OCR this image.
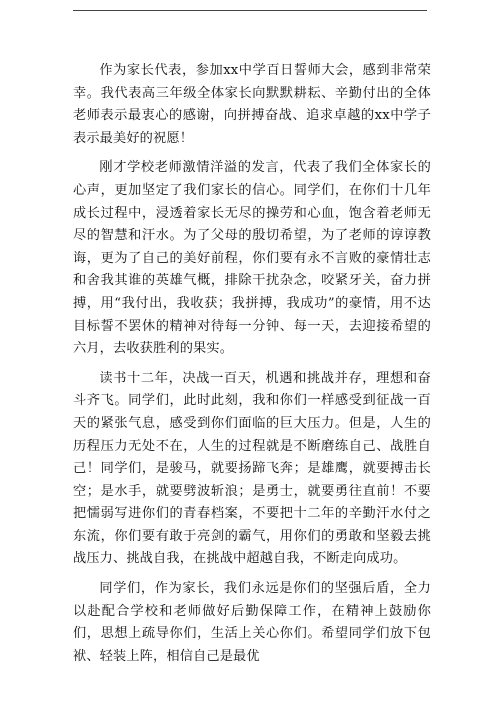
作为家长代表，参加xx中学百日誓师大会，感到非常荣幸。我代表高三年级全体家长向默默耕耘、辛勤付出的全体老师表示最衷心的感谢，向拼搏奋战、追求卓越的xx中学子表示最美好的祝愿！

刚才学校老师激情洋溢的发言，代表了我们全体家长的心声，更加坚定了我们家长的信心。同学们，在你们十几年成长过程中，浸透着家长无尽的操劳和心血，饱含着老师无尽的智慧和汗水。为了父母的殷切希望，为了老师的谆谆教诲，更为了自己的美好前程，你们要有永不言败的豪情壮志和舍我其谁的英雄气概，排除干扰杂念，咬紧牙关，奋力拼搏，用“我付出，我收获；我拼搏，我成功”的豪情，用不达目标誓不罢休的精神对待每一分钟、每一天，去迎接希望的六月，去收获胜利的果实。

读书十二年，决战一百天，机遇和挑战并存，理想和奋斗齐飞。同学们，此时此刻，我和你们一样感受到征战一百天的紧张气息，感受到你们面临的巨大压力。但是，人生的历程压力无处不在，人生的过程就是不断磨练自己、战胜自己！同学们，是骏马，就要扬蹄飞奔；是雄鹰，就要搏击长空；是水手，就要劈波斩浪；是勇士，就要勇往直前！不要把懦弱写进你们的青春档案，不要把十二年的辛勤汗水付之东流，你们要有敢于亮剑的霸气，用你们的勇敢和坚毅去挑战压力、挑战自我，在挑战中超越自我，不断走向成功。

同学们，作为家长，我们永远是你们的坚强后盾，全力以赴配合学校和老师做好后勤保障工作，在精神上鼓励你们，思想上疏导你们，生活上关心你们。希望同学们放下包袱、轻装上阵，相信自己是最优
